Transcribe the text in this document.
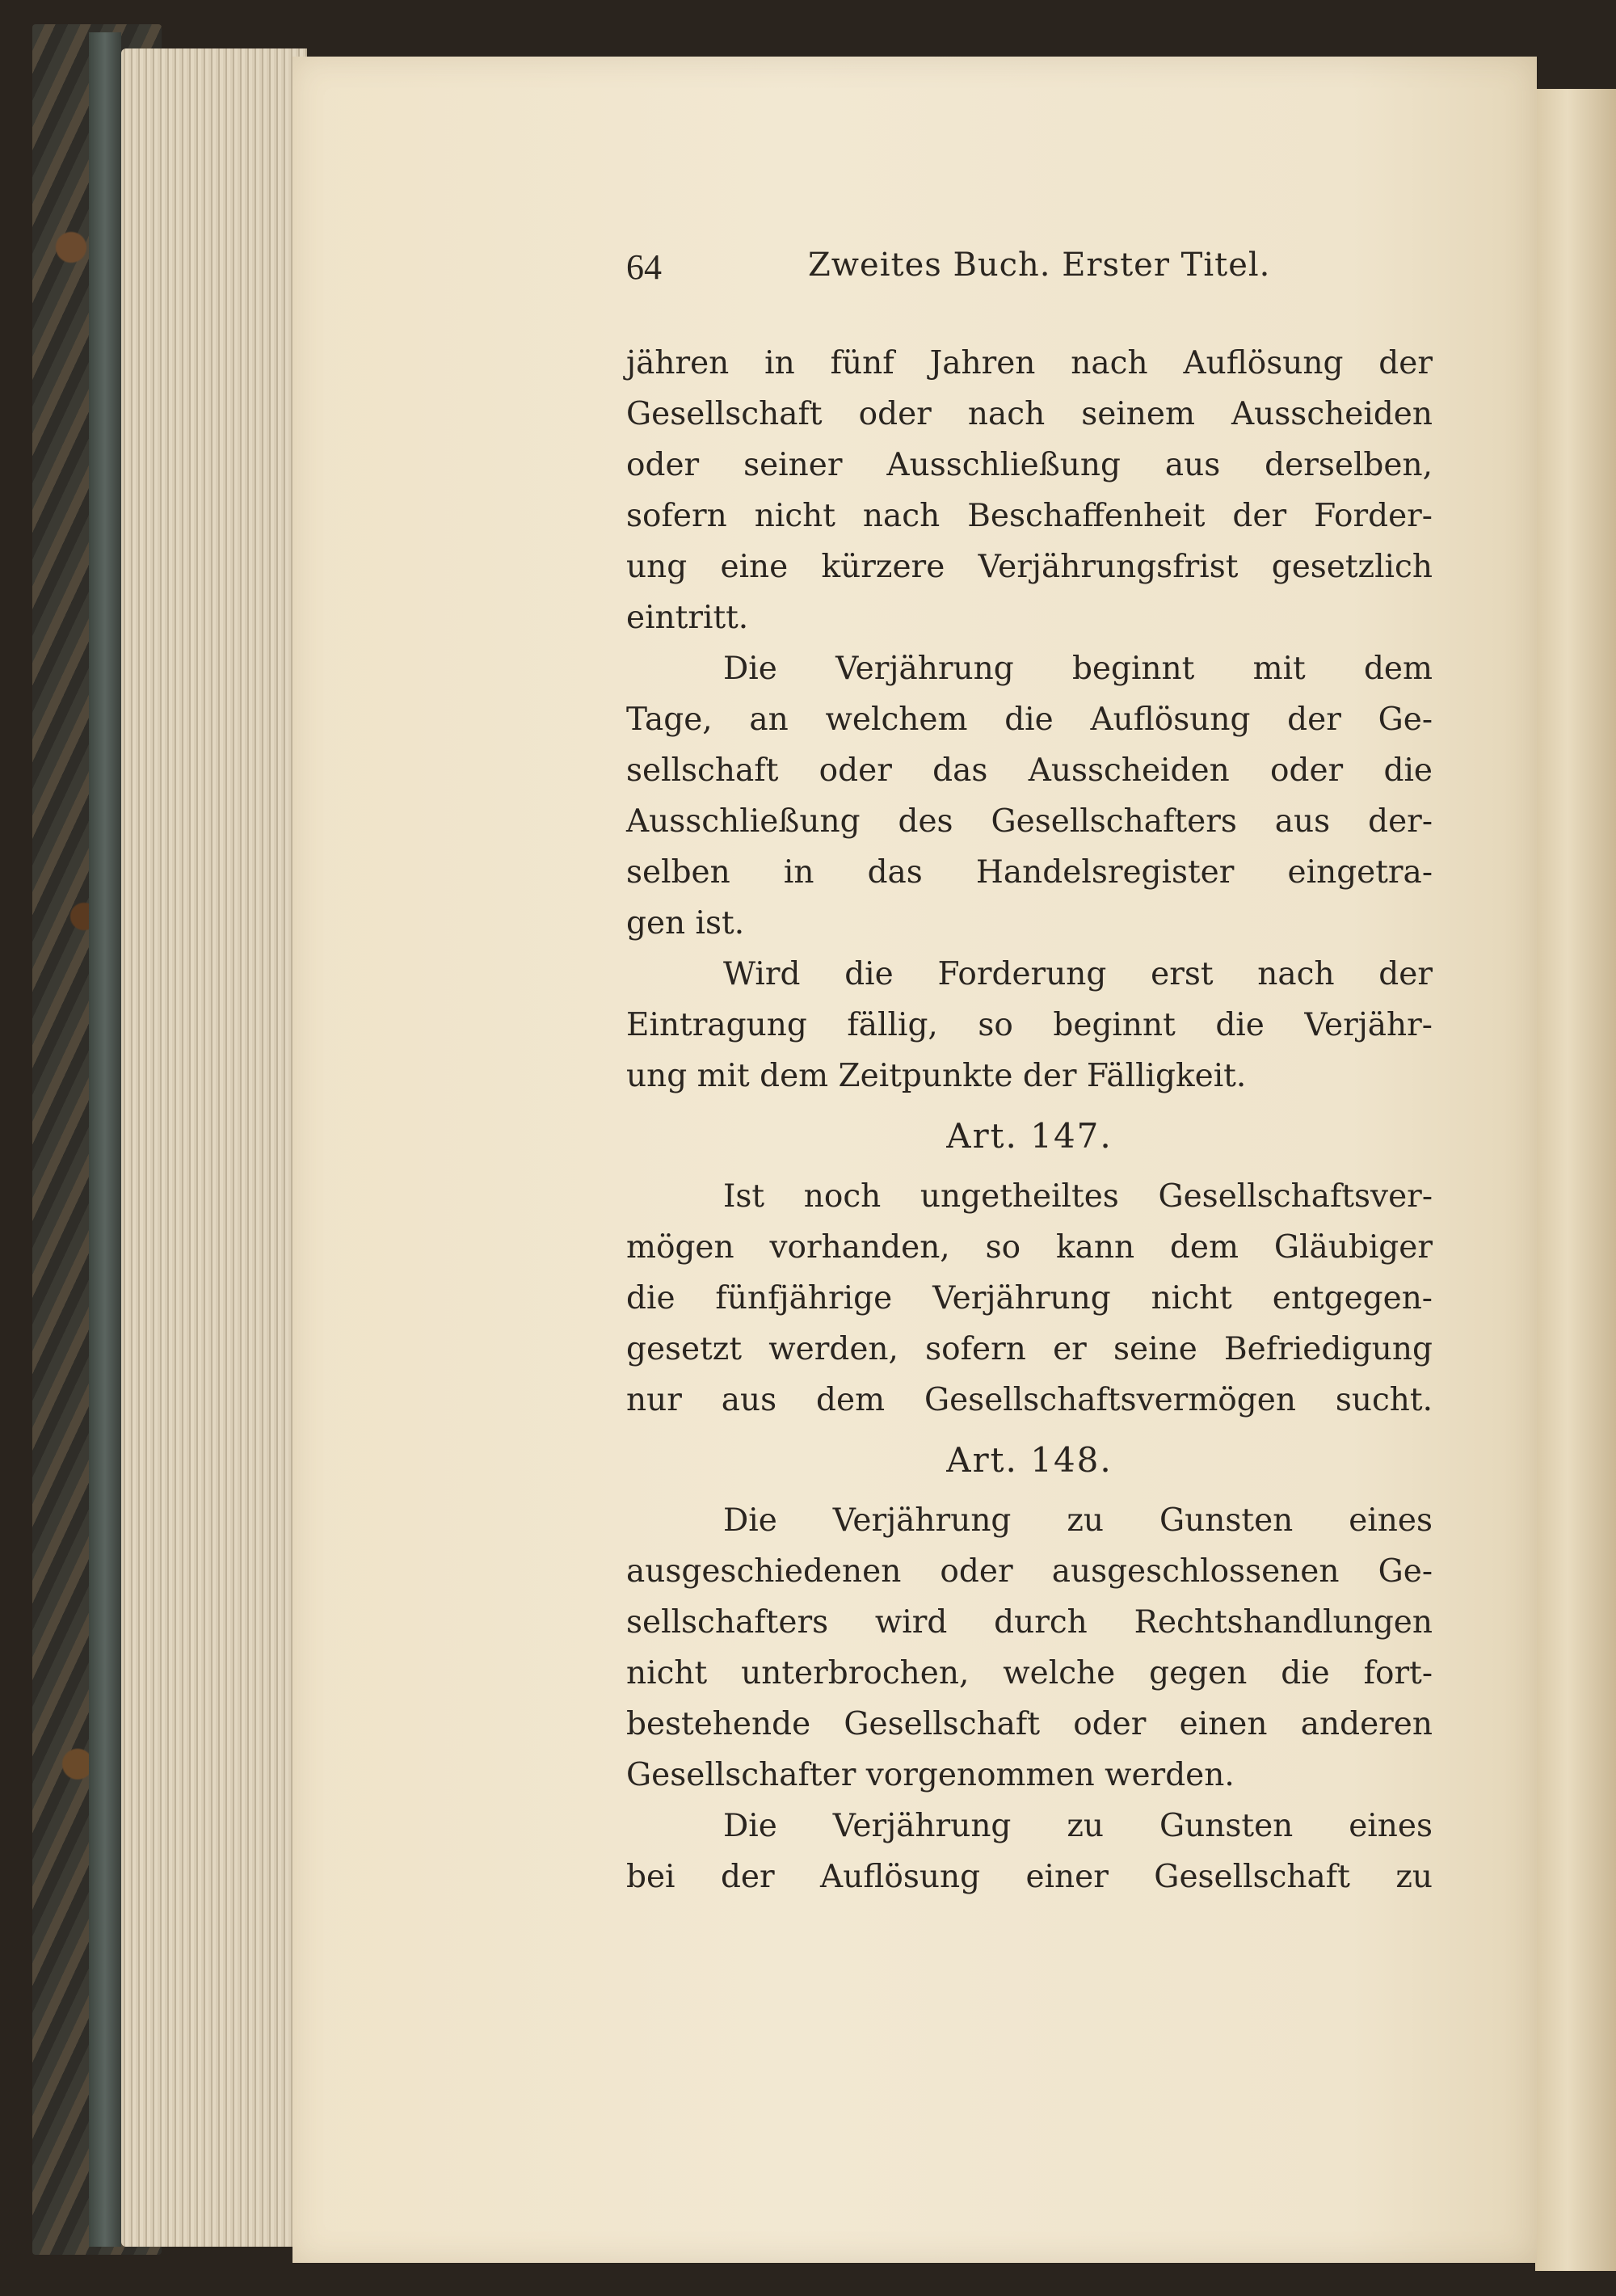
64	Zweites Buch. Erster Titel.
jähren in fünf Jahren nach Auflösung der
Gesellschaft oder nach seinem Ausscheiden
oder seiner Ausschließung aus derselben,
sofern nicht nach Beschaffenheit der Forder-
ung eine kürzere Verjährungsfrist gesetzlich
eintritt.
Die Verjährung beginnt mit dem
Tage, an welchem die Auflösung der Ge-
sellschaft oder das Ausscheiden oder die
Ausschließung des Gesellschafters aus der-
selben in das Handelsregister eingetra-
gen ist.
Wird die Forderung erst nach der
Eintragung fällig, so beginnt die Verjähr-
ung mit dem Zeitpunkte der Fälligkeit.
Art. 147.
Ist noch ungetheiltes Gesellschaftsver-
mögen vorhanden, so kann dem Gläubiger
die fünfjährige Verjährung nicht entgegen-
gesetzt werden, sofern er seine Befriedigung
nur aus dem Gesellschaftsvermögen sucht.
Art. 148.
Die Verjährung zu Gunsten eines
ausgeschiedenen oder ausgeschlossenen Ge-
sellschafters wird durch Rechtshandlungen
nicht unterbrochen, welche gegen die fort-
bestehende Gesellschaft oder einen anderen
Gesellschafter vorgenommen werden.
Die Verjährung zu Gunsten eines
bei der Auflösung einer Gesellschaft zu
